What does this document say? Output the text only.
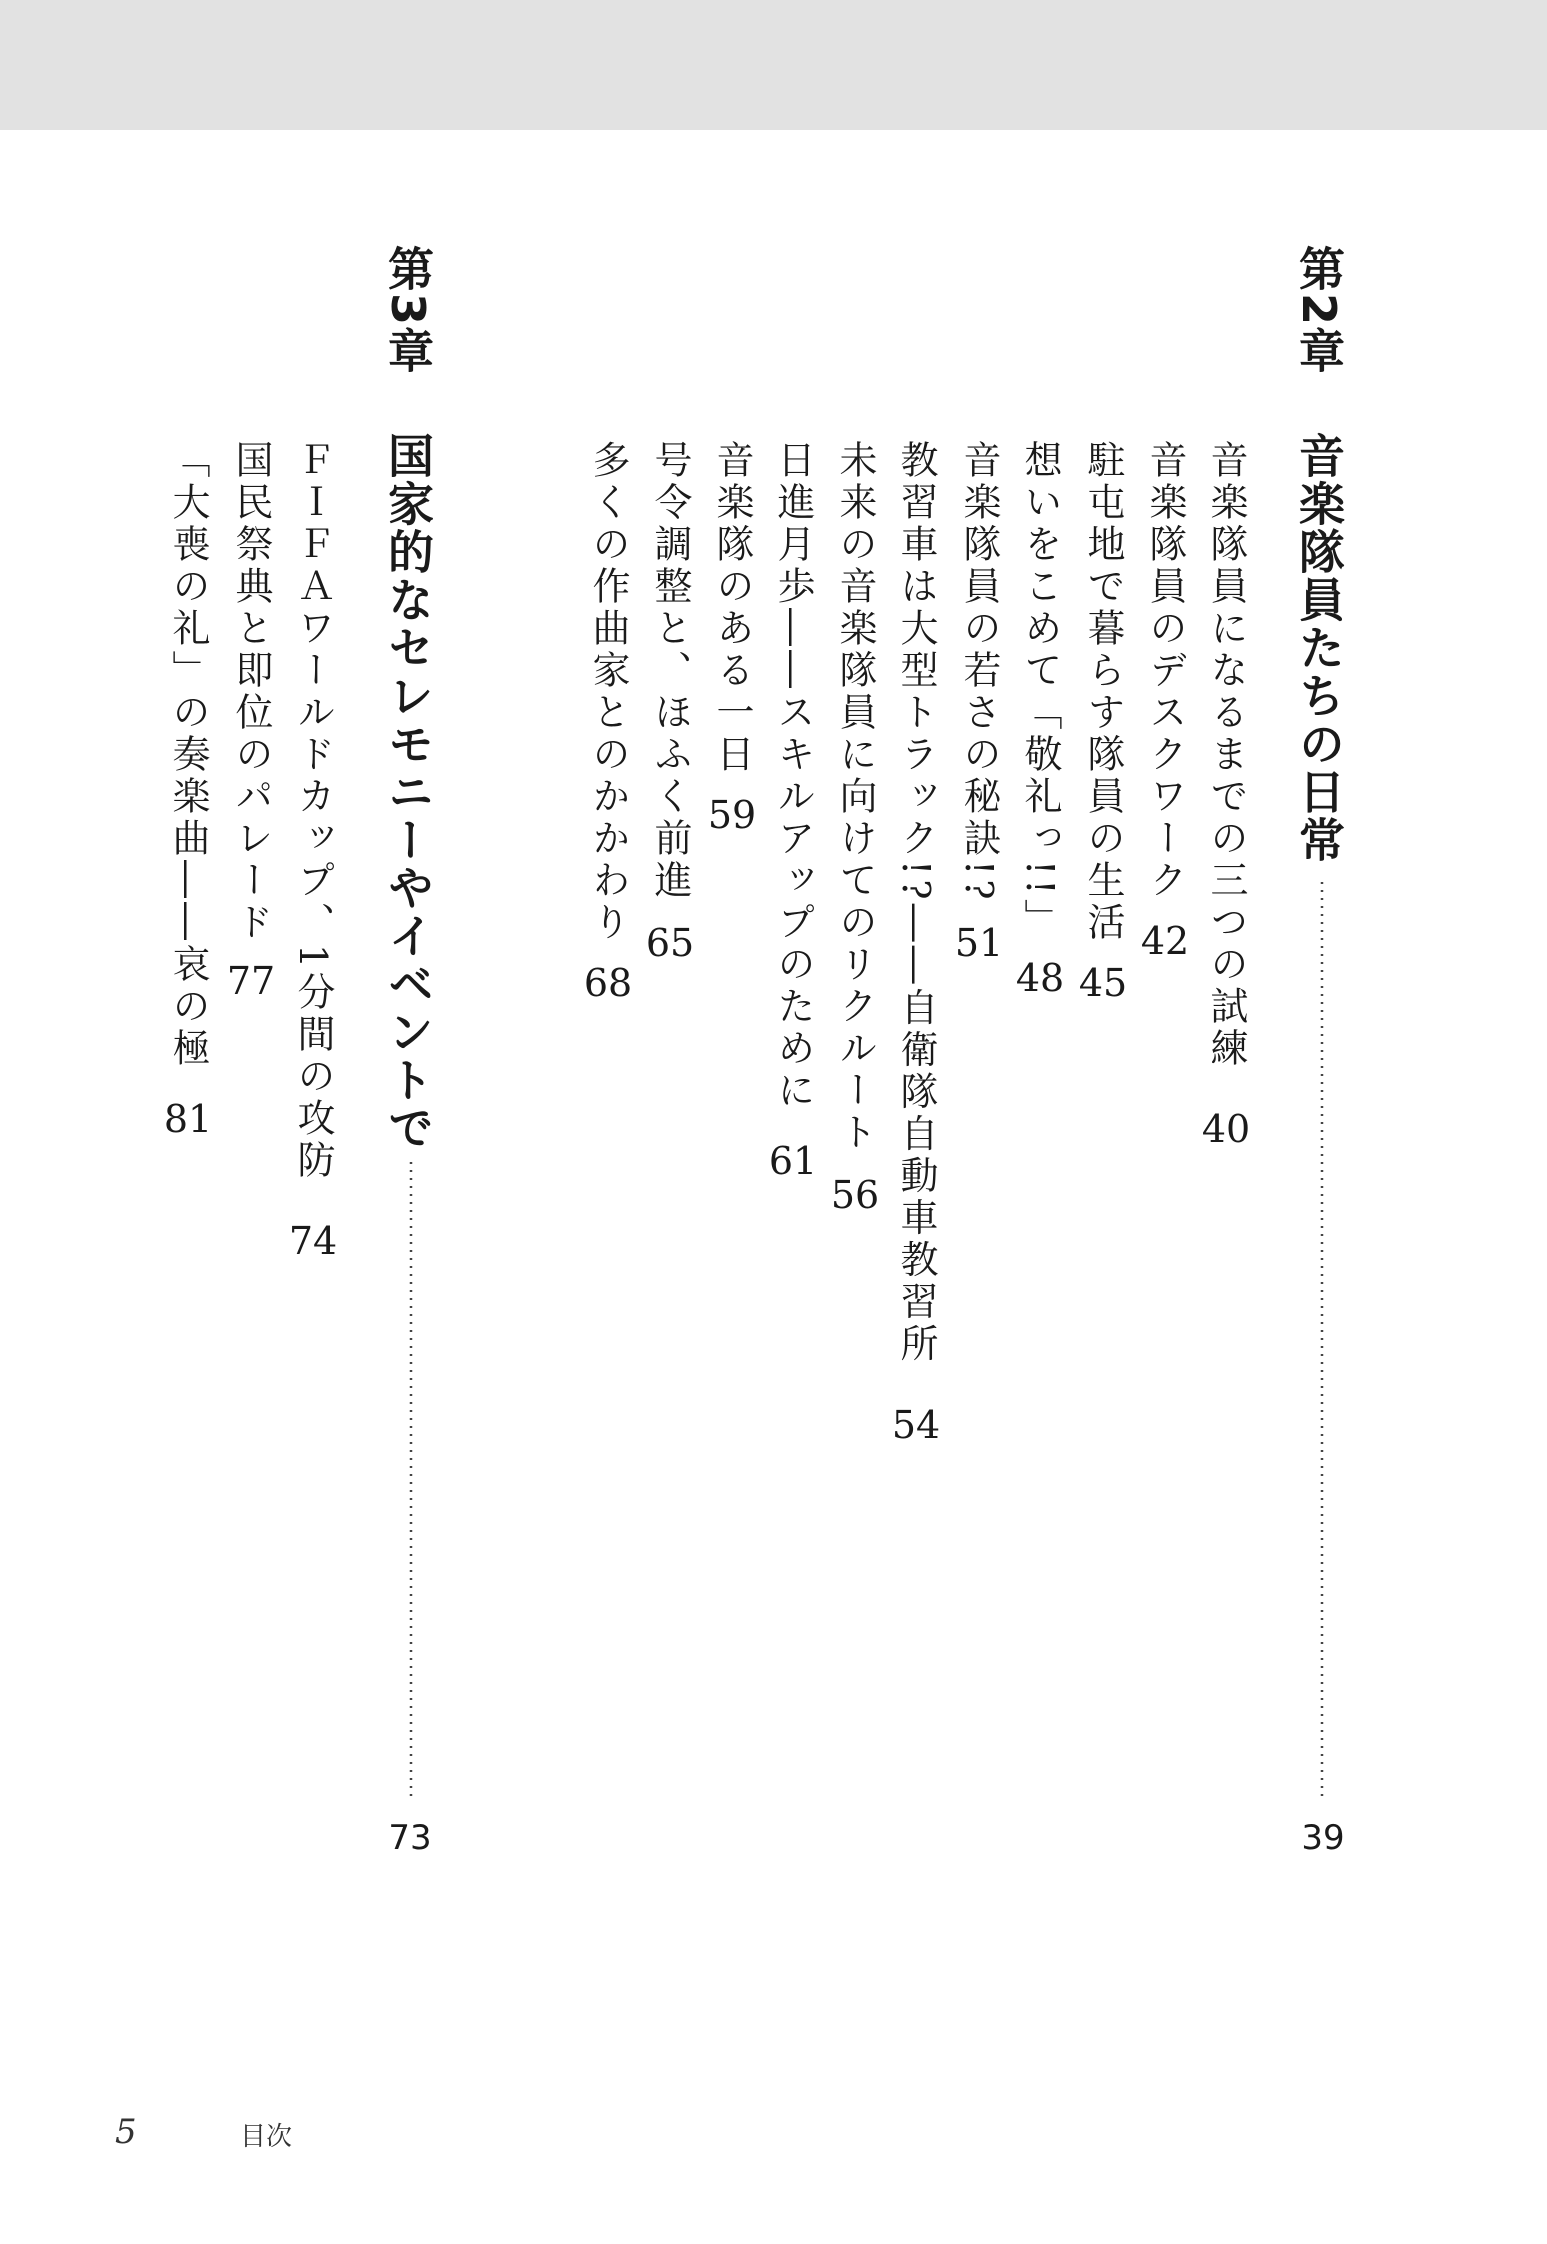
第2章
音楽隊員たちの日常
39
音楽隊員になるまでの三つの試練40
音楽隊員のデスクワーク42
駐屯地で暮らす隊員の生活45
想いをこめて「敬礼っ!!」48
音楽隊員の若さの秘訣!?51
教習車は大型トラック!?――自衛隊自動車教習所54
未来の音楽隊員に向けてのリクルート56
日進月歩――スキルアップのために61
音楽隊のある一日59
号令調整と、ほふく前進65
多くの作曲家とのかかわり68
第3章
国家的なセレモニーやイベントで
73
ＦＩＦＡワールドカップ、1分間の攻防74
国民祭典と即位のパレード77
「大喪の礼」の奏楽曲――哀の極81
5	目次
